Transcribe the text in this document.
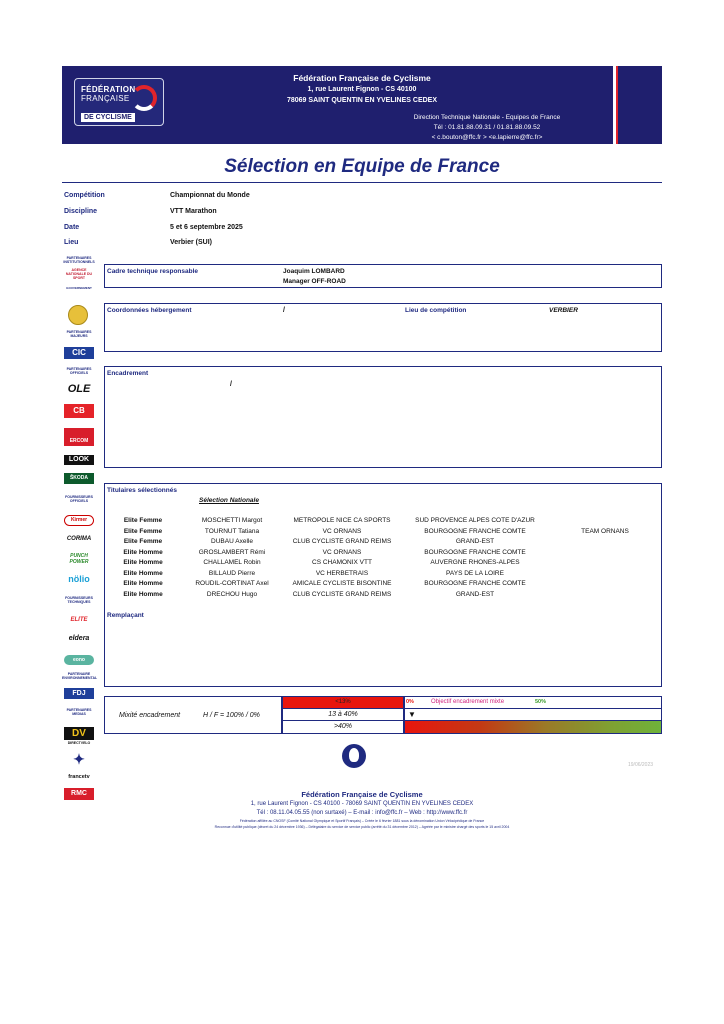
FÉDÉRATION
FRANÇAISE
DE CYCLISME
Fédération Française de Cyclisme
1, rue Laurent Fignon - CS 40100
78069 SAINT QUENTIN EN YVELINES CEDEX
Direction Technique Nationale - Equipes de France
Tél : 01.81.88.09.31 / 01.81.88.09.52
< c.bouton@ffc.fr > <e.lapierre@ffc.fr>
Sélection en Equipe de France
Compétition	Championnat du Monde
Discipline	VTT Marathon
Date	5 et 6 septembre 2025
Lieu	Verbier (SUI)
PARTENAIRES INSTITUTIONNELS
AGENCE NATIONALE DU SPORT
GOUVERNEMENT
PARTENAIRES MAJEURS
CIC
PARTENAIRES OFFICIELS
OLE
CB
ERCOM
LOOK
ŠKODA
FOURNISSEURS OFFICIELS
Kirmer
CORIMA
PUNCH POWER
nölio
FOURNISSEURS TECHNIQUES
ELITE
eldera
eono
PARTENAIRE ENVIRONNEMENTAL
FDJ
PARTENAIRES MEDIAS
DV
DIRECTVELO
✦
francetv
RMC
Cadre technique responsable	Joaquim LOMBARD
Manager OFF-ROAD
Coordonnées hébergement	/	Lieu de compétition	VERBIER
Encadrement
/
Titulaires sélectionnés
Sélection Nationale
Elite Femme	MOSCHETTI Margot	METROPOLE NICE CA SPORTS	SUD PROVENCE ALPES COTE D'AZUR
Elite Femme	TOURNUT Tatiana	VC ORNANS	BOURGOGNE FRANCHE COMTE	TEAM ORNANS
Elite Femme	DUBAU Axelle	CLUB CYCLISTE GRAND REIMS	GRAND-EST
Elite Homme	GROSLAMBERT Rémi	VC ORNANS	BOURGOGNE FRANCHE COMTE
Elite Homme	CHALLAMEL Robin	CS CHAMONIX VTT	AUVERGNE RHONES-ALPES
Elite Homme	BILLAUD Pierre	VC HERBETRAIS	PAYS DE LA LOIRE
Elite Homme	ROUDIL-CORTINAT Axel	AMICALE CYCLISTE BISONTINE	BOURGOGNE FRANCHE COMTE
Elite Homme	DRECHOU Hugo	CLUB CYCLISTE GRAND REIMS	GRAND-EST
Remplaçant
Mixité encadrement	H / F = 100% / 0%
<13%
13 à 40%
>40%
0%	Objectif encadrement mixte	50%
▼
19/06/2023
Fédération Française de Cyclisme
1, rue Laurent Fignon - CS 40100 - 78069 SAINT QUENTIN EN YVELINES CEDEX
Tél : 08.11.04.05.55 (non surtaxé) – E-mail : info@ffc.fr – Web : http://www.ffc.fr
Fédération affiliée au CNOSF (Comité National Olympique et Sportif Français) – Créée le 6 février 1881 sous la dénomination Union Vélocipédique de France
Reconnue d'utilité publique (décret du 24 décembre 1936) – Délégataire du service de service public (arrêté du 31 décembre 2012) – Agréée par le ministre chargé des sports le 15 avril 2004
